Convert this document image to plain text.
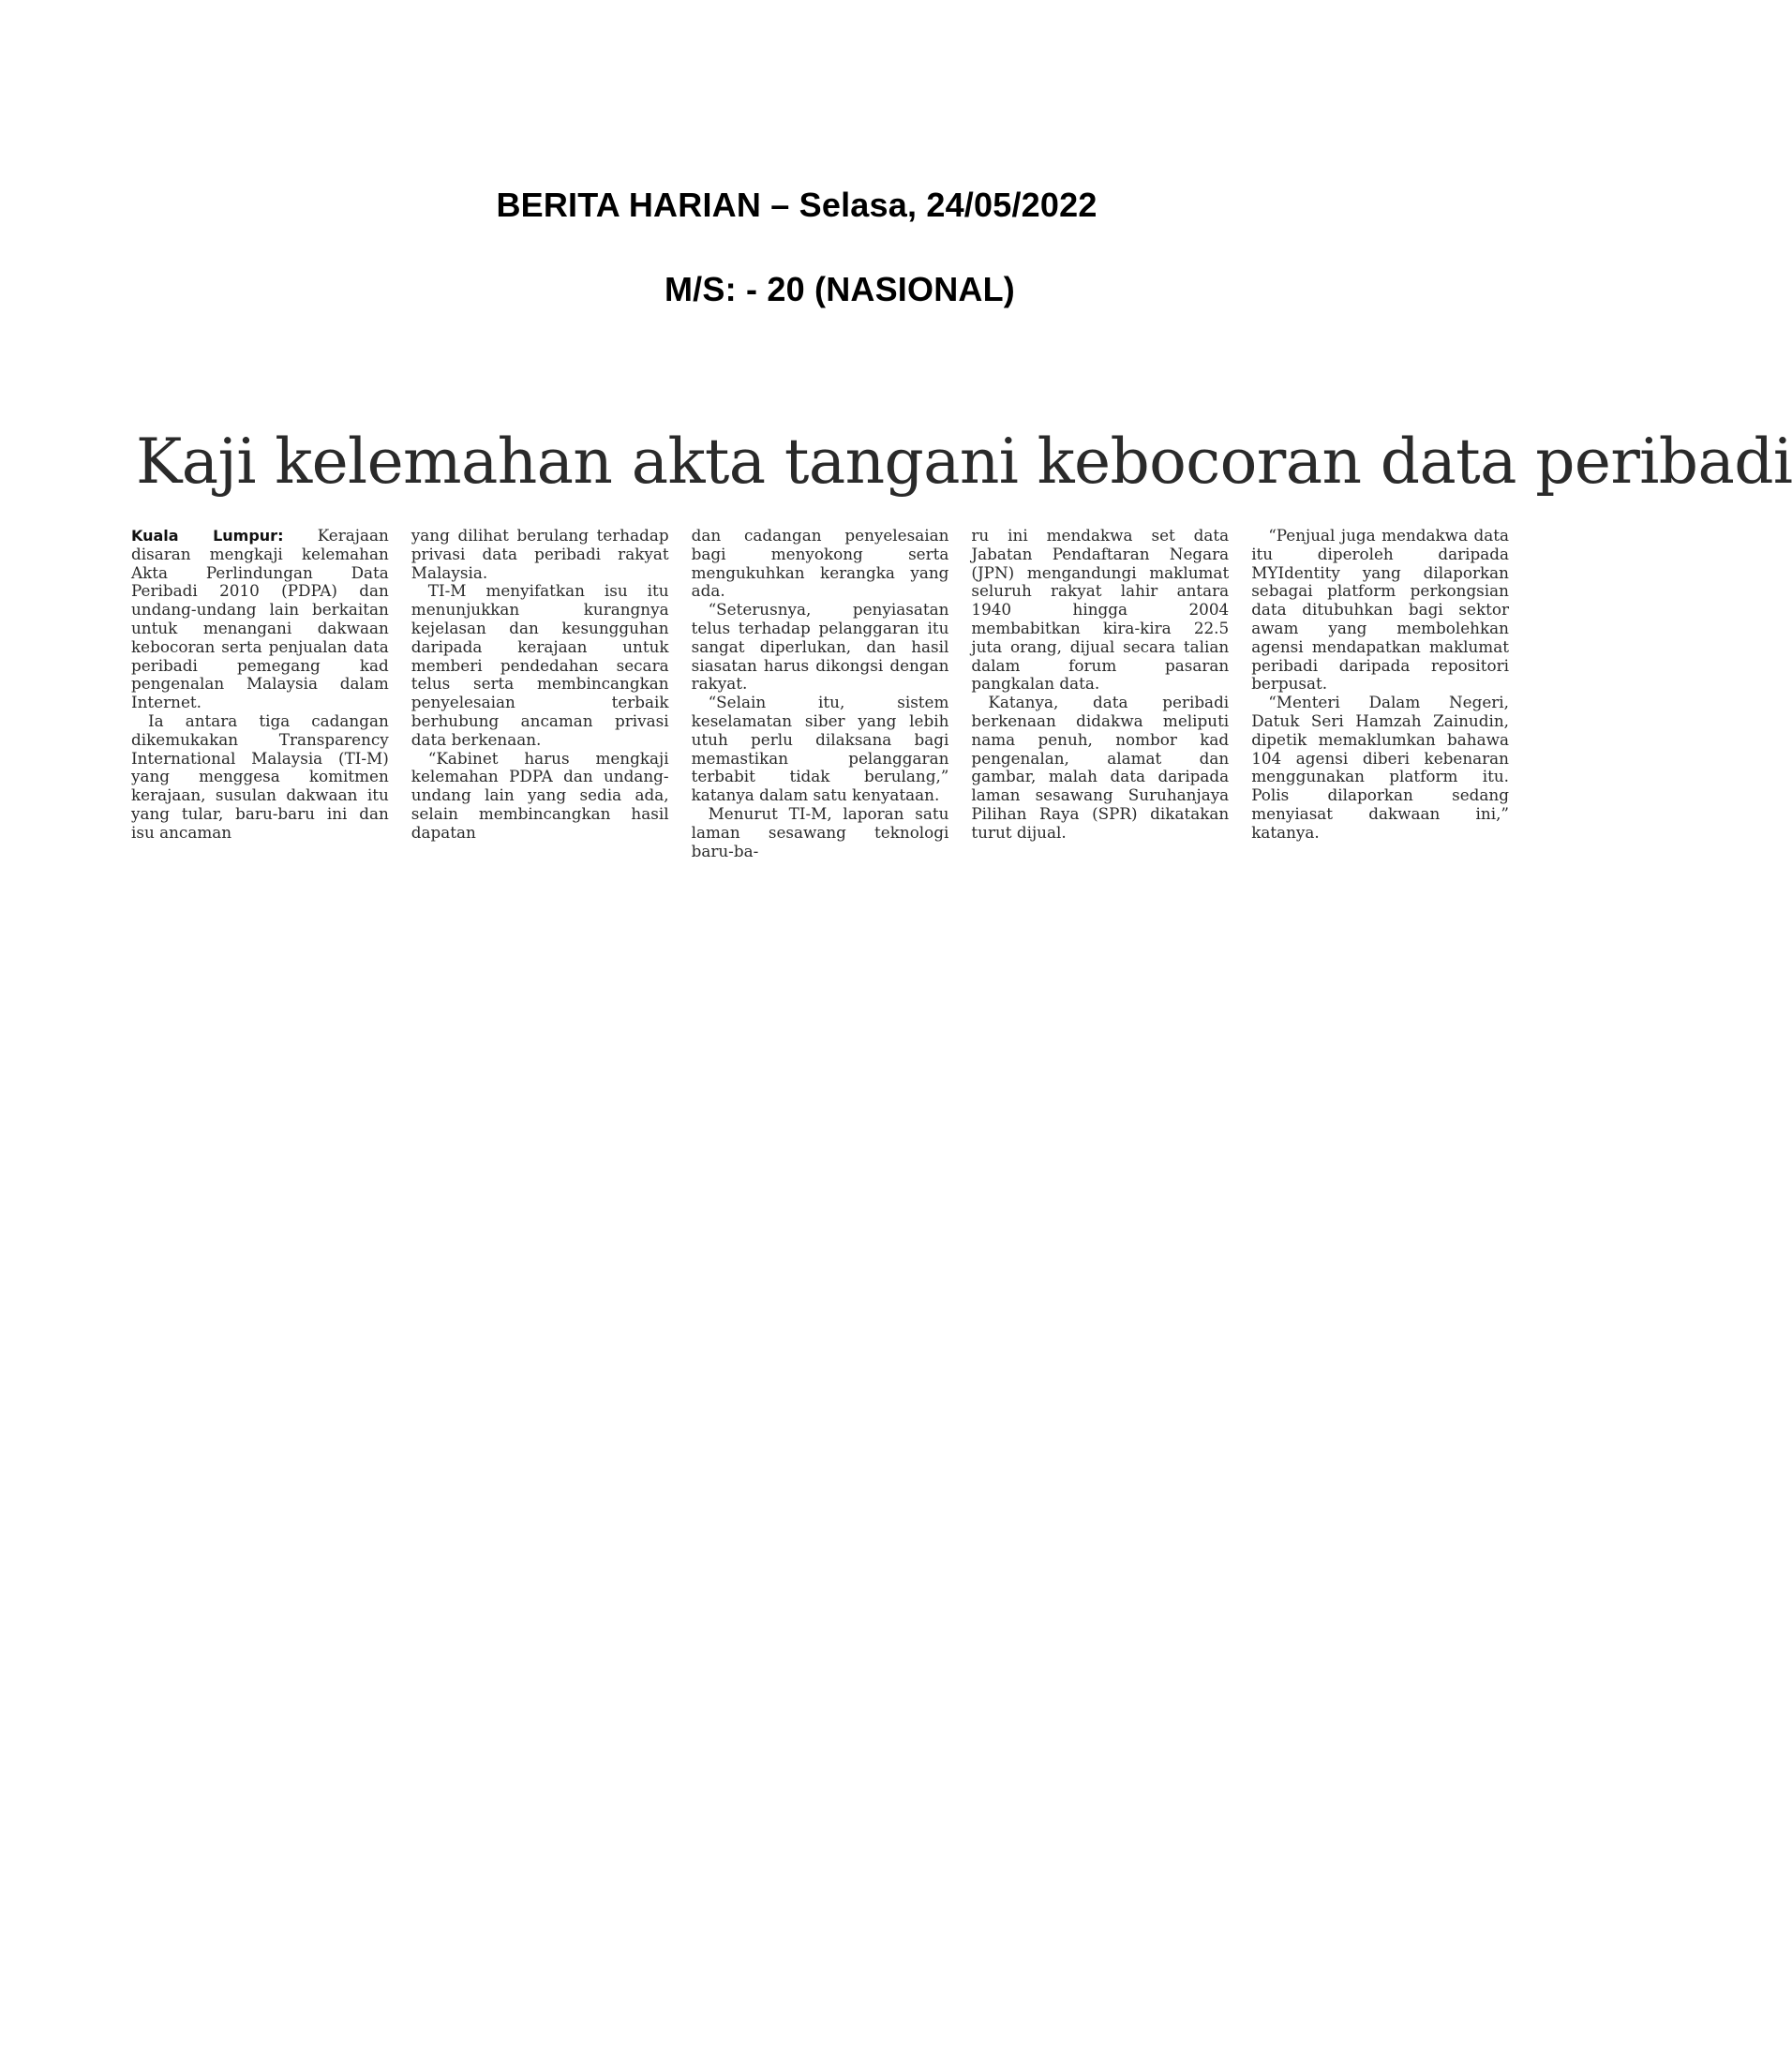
BERITA HARIAN – Selasa, 24/05/2022
M/S: - 20 (NASIONAL)
Kaji kelemahan akta tangani kebocoran data peribadi

Kuala Lumpur: Kerajaan disaran mengkaji kelemahan Akta Perlindungan Data Peribadi 2010 (PDPA) dan undang-undang lain berkaitan untuk menangani dakwaan kebocoran serta penjualan data peribadi pemegang kad pengenalan Malaysia dalam Internet.

Ia antara tiga cadangan dikemukakan Transparency International Malaysia (TI-M) yang menggesa komitmen kerajaan, susulan dakwaan itu yang tular, baru-baru ini dan isu ancaman

yang dilihat berulang terhadap privasi data peribadi rakyat Malaysia.

TI-M menyifatkan isu itu menunjukkan kurangnya kejelasan dan kesungguhan daripada kerajaan untuk memberi pendedahan secara telus serta membincangkan penyelesaian terbaik berhubung ancaman privasi data berkenaan.

“Kabinet harus mengkaji kelemahan PDPA dan undang-undang lain yang sedia ada, selain membincangkan hasil dapatan

dan cadangan penyelesaian bagi menyokong serta mengukuhkan kerangka yang ada.

“Seterusnya, penyiasatan telus terhadap pelanggaran itu sangat diperlukan, dan hasil siasatan harus dikongsi dengan rakyat.

“Selain itu, sistem keselamatan siber yang lebih utuh perlu dilaksana bagi memastikan pelanggaran terbabit tidak berulang,” katanya dalam satu kenyataan.

Menurut TI-M, laporan satu laman sesawang teknologi baru-ba-

ru ini mendakwa set data Jabatan Pendaftaran Negara (JPN) mengandungi maklumat seluruh rakyat lahir antara 1940 hingga 2004 membabitkan kira-kira 22.5 juta orang, dijual secara talian dalam forum pasaran pangkalan data.

Katanya, data peribadi berkenaan didakwa meliputi nama penuh, nombor kad pengenalan, alamat dan gambar, malah data daripada laman sesawang Suruhanjaya Pilihan Raya (SPR) dikatakan turut dijual.

“Penjual juga mendakwa data itu diperoleh daripada MYIdentity yang dilaporkan sebagai platform perkongsian data ditubuhkan bagi sektor awam yang membolehkan agensi mendapatkan maklumat peribadi daripada repositori berpusat.

“Menteri Dalam Negeri, Datuk Seri Hamzah Zainudin, dipetik memaklumkan bahawa 104 agensi diberi kebenaran menggunakan platform itu. Polis dilaporkan sedang menyiasat dakwaan ini,” katanya.
